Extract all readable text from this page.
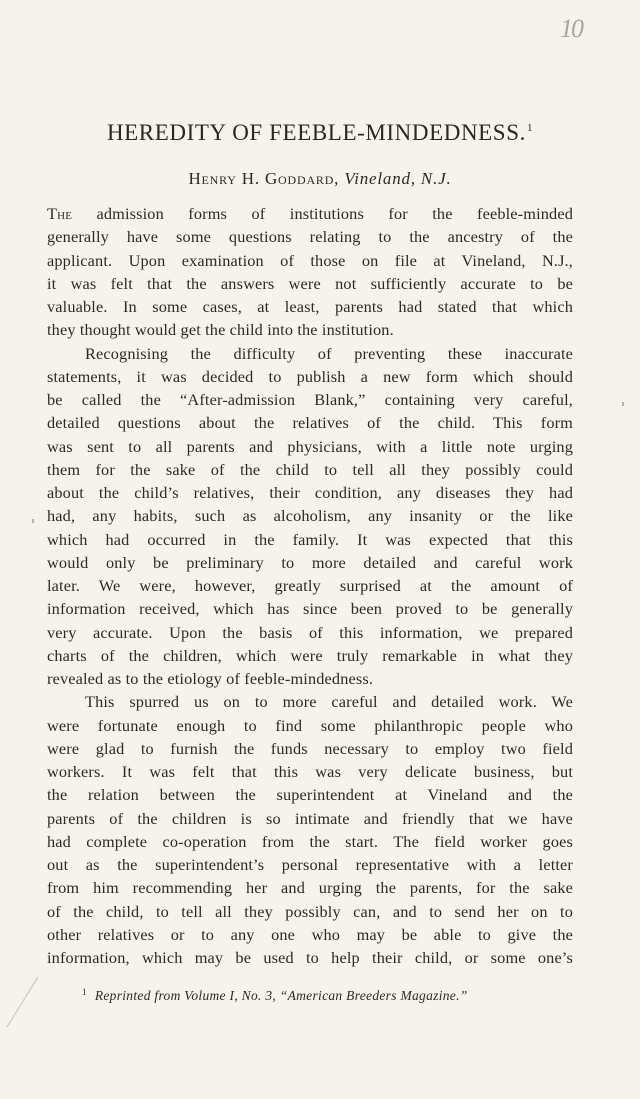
10
HEREDITY OF FEEBLE-MINDEDNESS.$^1$
Henry H. Goddard, Vineland, N.J.
The admission forms of institutions for the feeble-minded
generally have some questions relating to the ancestry of the
applicant. Upon examination of those on file at Vineland, N.J.,
it was felt that the answers were not sufficiently accurate to be
valuable. In some cases, at least, parents had stated that which
they thought would get the child into the institution.
Recognising the difficulty of preventing these inaccurate
statements, it was decided to publish a new form which should
be called the “After-admission Blank,” containing very careful,
detailed questions about the relatives of the child. This form
was sent to all parents and physicians, with a little note urging
them for the sake of the child to tell all they possibly could
about the child’s relatives, their condition, any diseases they had
had, any habits, such as alcoholism, any insanity or the like
which had occurred in the family. It was expected that this
would only be preliminary to more detailed and careful work
later. We were, however, greatly surprised at the amount of
information received, which has since been proved to be generally
very accurate. Upon the basis of this information, we prepared
charts of the children, which were truly remarkable in what they
revealed as to the etiology of feeble-mindedness.
This spurred us on to more careful and detailed work. We
were fortunate enough to find some philanthropic people who
were glad to furnish the funds necessary to employ two field
workers. It was felt that this was very delicate business, but
the relation between the superintendent at Vineland and the
parents of the children is so intimate and friendly that we have
had complete co-operation from the start. The field worker goes
out as the superintendent’s personal representative with a letter
from him recommending her and urging the parents, for the sake
of the child, to tell all they possibly can, and to send her on to
other relatives or to any one who may be able to give the
information, which may be used to help their child, or some one’s
$^1$ Reprinted from Volume I, No. 3, “American Breeders Magazine.”
